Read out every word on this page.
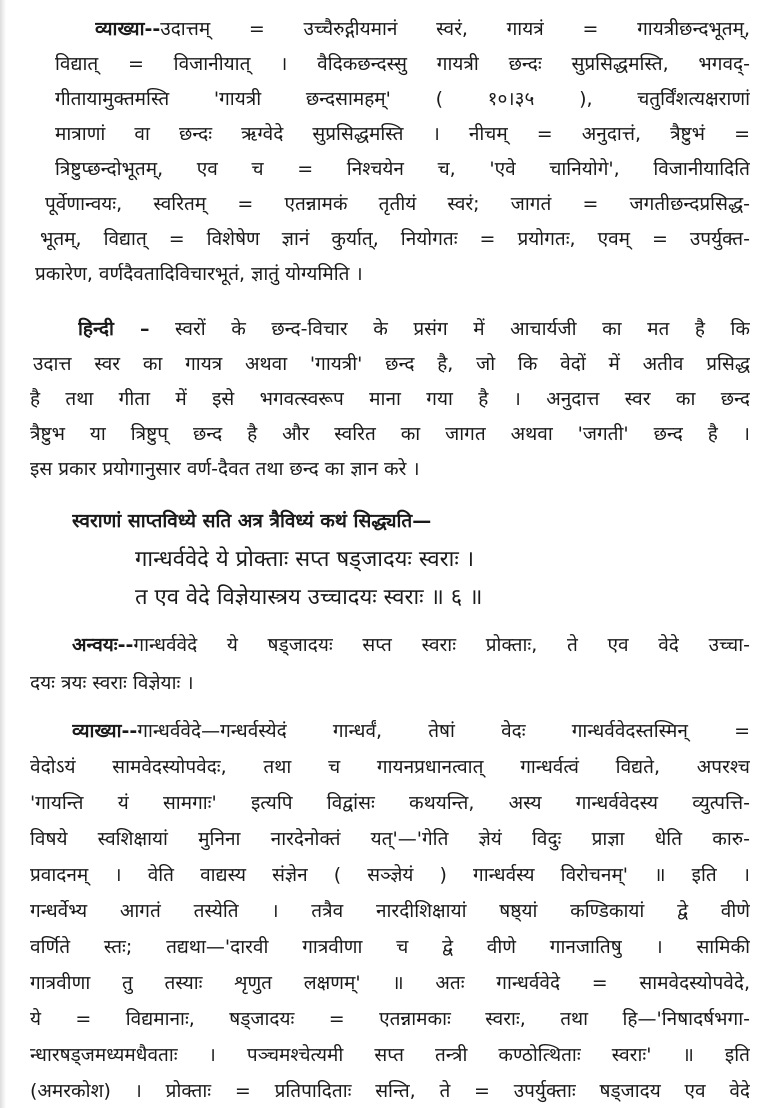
व्याख्या--उदात्तम् = उच्चैरुद्गीयमानं स्वरं, गायत्रं = गायत्रीछन्दभूतम्,
विद्यात् = विजानीयात् । वैदिकछन्दस्सु गायत्री छन्दः सुप्रसिद्धमस्ति, भगवद्-
गीतायामुक्तमस्ति 'गायत्री छन्दसामहम्' ( १०।३५ ), चतुर्विंशत्यक्षराणां
मात्राणां वा छन्दः ऋग्वेदे सुप्रसिद्धमस्ति । नीचम् = अनुदात्तं, त्रैष्टुभं =
त्रिष्टुप्छन्दोभूतम्, एव च = निश्चयेन च, 'एवे चानियोगे', विजानीयादिति
पूर्वेणान्वयः, स्वरितम् = एतन्नामकं तृतीयं स्वरं; जागतं = जगतीछन्दप्रसिद्ध-
भूतम्, विद्यात् = विशेषेण ज्ञानं कुर्यात्, नियोगतः = प्रयोगतः, एवम् = उपर्युक्त-
प्रकारेण, वर्णदैवतादिविचारभूतं, ज्ञातुं योग्यमिति ।
हिन्दी – स्वरों के छन्द-विचार के प्रसंग में आचार्यजी का मत है कि
उदात्त स्वर का गायत्र अथवा 'गायत्री' छन्द है, जो कि वेदों में अतीव प्रसिद्ध
है तथा गीता में इसे भगवत्स्वरूप माना गया है । अनुदात्त स्वर का छन्द
त्रैष्टुभ या त्रिष्टुप् छन्द है और स्वरित का जागत अथवा 'जगती' छन्द है ।
इस प्रकार प्रयोगानुसार वर्ण-दैवत तथा छन्द का ज्ञान करे ।
स्वराणां साप्तविध्ये सति अत्र त्रैविध्यं कथं सिद्ध्यति—
गान्धर्ववेदे ये प्रोक्ताः सप्त षड्जादयः स्वराः ।
त एव वेदे विज्ञेयास्त्रय उच्चादयः स्वराः ॥ ६ ॥
अन्वयः--गान्धर्ववेदे ये षड्जादयः सप्त स्वराः प्रोक्ताः, ते एव वेदे उच्चा-
दयः त्रयः स्वराः विज्ञेयाः ।
व्याख्या--गान्धर्ववेदे—गन्धर्वस्येदं गान्धर्वं, तेषां वेदः गान्धर्ववेदस्तस्मिन् =
वेदोऽयं सामवेदस्योपवेदः, तथा च गायनप्रधानत्वात् गान्धर्वत्वं विद्यते, अपरश्च
'गायन्ति यं सामगाः' इत्यपि विद्वांसः कथयन्ति, अस्य गान्धर्ववेदस्य व्युत्पत्ति-
विषये स्वशिक्षायां मुनिना नारदेनोक्तं यत्'—'गेति ज्ञेयं विदुः प्राज्ञा धेति कारु-
प्रवादनम् । वेति वाद्यस्य संज्ञेन ( सञ्ज्ञेयं ) गान्धर्वस्य विरोचनम्' ॥ इति ।
गन्धर्वेभ्य आगतं तस्येति । तत्रैव नारदीशिक्षायां षष्ठ्यां कण्डिकायां द्वे वीणे
वर्णिते स्तः; तद्यथा—'दारवी गात्रवीणा च द्वे वीणे गानजातिषु । सामिकी
गात्रवीणा तु तस्याः शृणुत लक्षणम्' ॥ अतः गान्धर्ववेदे = सामवेदस्योपवेदे,
ये = विद्यमानाः, षड्जादयः = एतन्नामकाः स्वराः, तथा हि—'निषादर्षभगा-
न्धारषड्जमध्यमधैवताः । पञ्चमश्चेत्यमी सप्त तन्त्री कण्ठोत्थिताः स्वराः' ॥ इति
(अमरकोश) । प्रोक्ताः = प्रतिपादिताः सन्ति, ते = उपर्युक्ताः षड्जादय एव वेदे
